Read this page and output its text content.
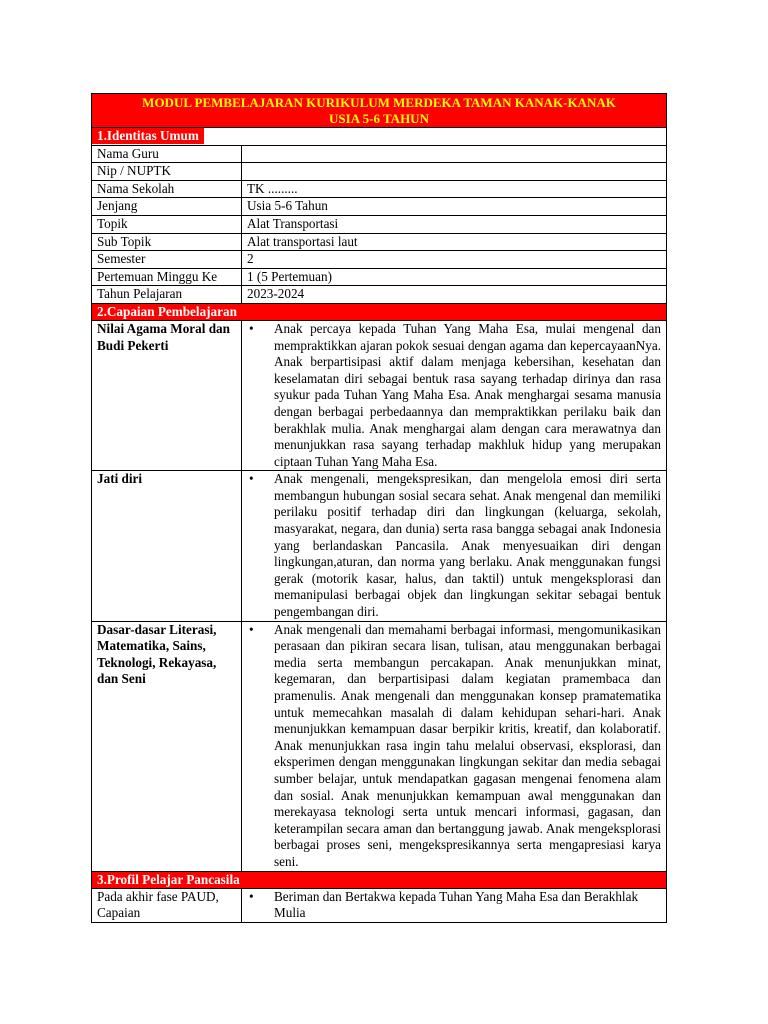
MODUL PEMBELAJARAN KURIKULUM MERDEKA TAMAN KANAK-KANAK
USIA 5-6 TAHUN	

1.Identitas Umum	
Nama Guru	
Nip / NUPTK	
Nama Sekolah	TK .........
Jenjang	Usia 5-6 Tahun
Topik	Alat Transportasi
Sub Topik	Alat transportasi laut
Semester	2
Pertemuan Minggu Ke	1 (5 Pertemuan)
Tahun Pelajaran	2023-2024
2.Capaian Pembelajaran	
Nilai Agama Moral dan Budi Pekerti	• Anak percaya kepada Tuhan Yang Maha Esa, mulai mengenal dan mempraktikkan ajaran pokok sesuai dengan agama dan kepercayaanNya. Anak berpartisipasi aktif dalam menjaga kebersihan, kesehatan dan keselamatan diri sebagai bentuk rasa sayang terhadap dirinya dan rasa syukur pada Tuhan Yang Maha Esa. Anak menghargai sesama manusia dengan berbagai perbedaannya dan mempraktikkan perilaku baik dan berakhlak mulia. Anak menghargai alam dengan cara merawatnya dan menunjukkan rasa sayang terhadap makhluk hidup yang merupakan ciptaan Tuhan Yang Maha Esa.

Jati diri	• Anak mengenali, mengekspresikan, dan mengelola emosi diri serta membangun hubungan sosial secara sehat. Anak mengenal dan memiliki perilaku positif terhadap diri dan lingkungan (keluarga, sekolah, masyarakat, negara, dan dunia) serta rasa bangga sebagai anak Indonesia yang berlandaskan Pancasila. Anak menyesuaikan diri dengan lingkungan,aturan, dan norma yang berlaku. Anak menggunakan fungsi gerak (motorik kasar, halus, dan taktil) untuk mengeksplorasi dan memanipulasi berbagai objek dan lingkungan sekitar sebagai bentuk pengembangan diri.

Dasar-dasar Literasi, Matematika, Sains, Teknologi, Rekayasa, dan Seni	• Anak mengenali dan memahami berbagai informasi, mengomunikasikan perasaan dan pikiran secara lisan, tulisan, atau menggunakan berbagai media serta membangun percakapan. Anak menunjukkan minat, kegemaran, dan berpartisipasi dalam kegiatan pramembaca dan pramenulis. Anak mengenali dan menggunakan konsep pramatematika untuk memecahkan masalah di dalam kehidupan sehari-hari. Anak menunjukkan kemampuan dasar berpikir kritis, kreatif, dan kolaboratif. Anak menunjukkan rasa ingin tahu melalui observasi, eksplorasi, dan eksperimen dengan menggunakan lingkungan sekitar dan media sebagai sumber belajar, untuk mendapatkan gagasan mengenai fenomena alam dan sosial. Anak menunjukkan kemampuan awal menggunakan dan merekayasa teknologi serta untuk mencari informasi, gagasan, dan keterampilan secara aman dan bertanggung jawab. Anak mengeksplorasi berbagai proses seni, mengekspresikannya serta mengapresiasi karya seni.

3.Profil Pelajar Pancasila	
Pada akhir fase PAUD, Capaian	• Beriman dan Bertakwa kepada Tuhan Yang Maha Esa dan Berakhlak Mulia
